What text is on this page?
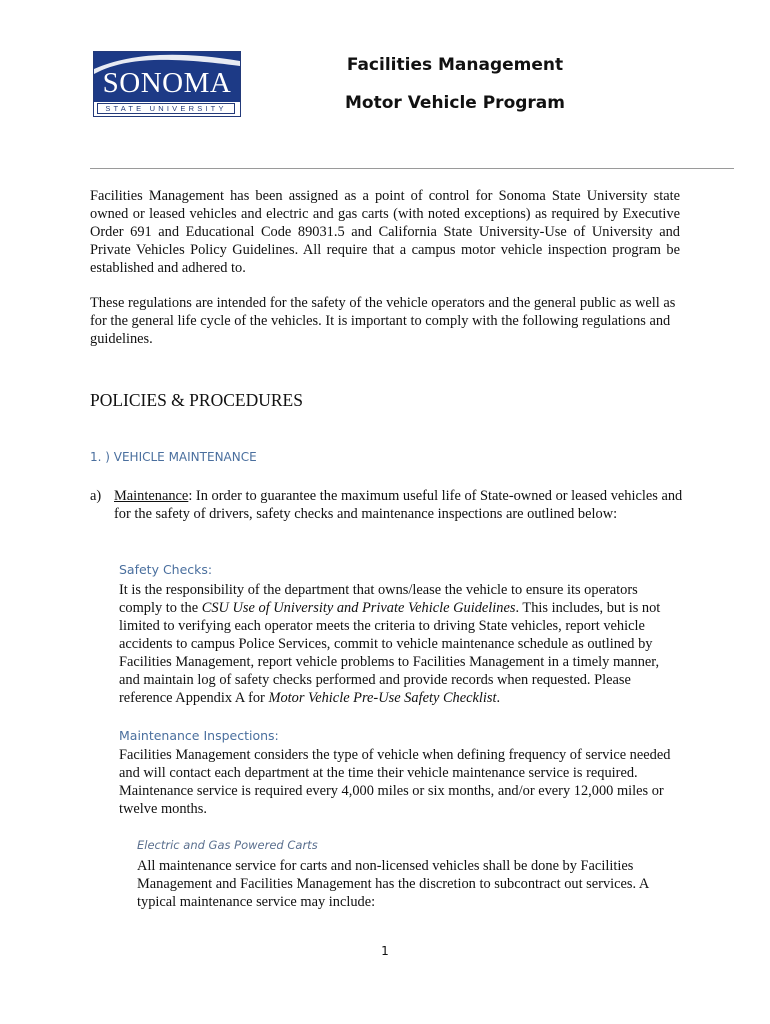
SONOMA
STATE UNIVERSITY
Facilities Management
Motor Vehicle Program

Facilities Management has been assigned as a point of control for Sonoma State University state owned or leased vehicles and electric and gas carts (with noted exceptions) as required by Executive Order 691 and Educational Code 89031.5 and California State University-Use of University and Private Vehicles Policy Guidelines. All require that a campus motor vehicle inspection program be established and adhered to.

These regulations are intended for the safety of the vehicle operators and the general public as well as for the general life cycle of the vehicles. It is important to comply with the following regulations and guidelines.

POLICIES & PROCEDURES
1. ) VEHICLE MAINTENANCE
a) Maintenance: In order to guarantee the maximum useful life of State-owned or leased vehicles and for the safety of drivers, safety checks and maintenance inspections are outlined below:
Safety Checks:

It is the responsibility of the department that owns/lease the vehicle to ensure its operators comply to the CSU Use of University and Private Vehicle Guidelines. This includes, but is not limited to verifying each operator meets the criteria to driving State vehicles, report vehicle accidents to campus Police Services, commit to vehicle maintenance schedule as outlined by Facilities Management, report vehicle problems to Facilities Management in a timely manner, and maintain log of safety checks performed and provide records when requested. Please reference Appendix A for Motor Vehicle Pre-Use Safety Checklist.

Maintenance Inspections:

Facilities Management considers the type of vehicle when defining frequency of service needed and will contact each department at the time their vehicle maintenance service is required. Maintenance service is required every 4,000 miles or six months, and/or every 12,000 miles or twelve months.

Electric and Gas Powered Carts

All maintenance service for carts and non-licensed vehicles shall be done by Facilities Management and Facilities Management has the discretion to subcontract out services. A typical maintenance service may include:

1
